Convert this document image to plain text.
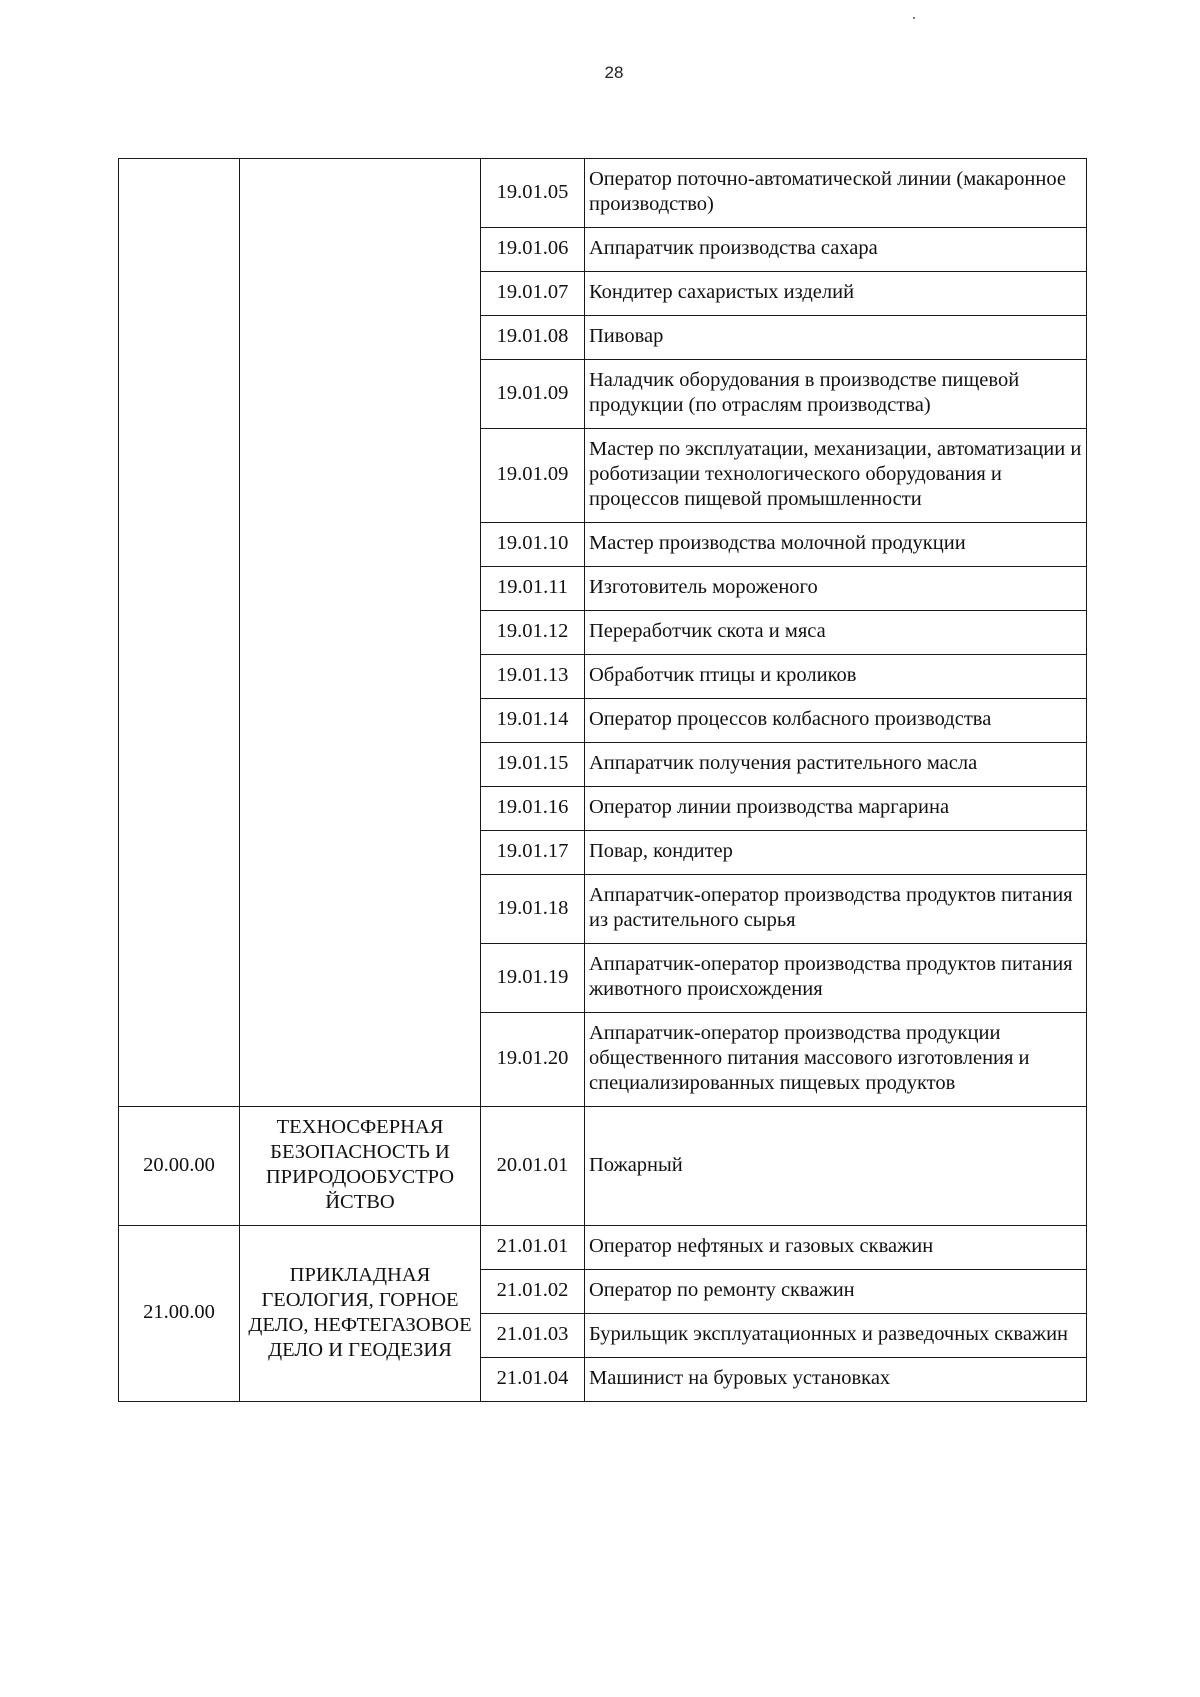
28
		19.01.05	Оператор поточно-автоматической линии (макаронное производство)
		19.01.06	Аппаратчик производства сахара
		19.01.07	Кондитер сахаристых изделий
		19.01.08	Пивовар
		19.01.09	Наладчик оборудования в производстве пищевой продукции (по отраслям производства)
		19.01.09	Мастер по эксплуатации, механизации, автоматизации и роботизации технологического оборудования и процессов пищевой промышленности
		19.01.10	Мастер производства молочной продукции
		19.01.11	Изготовитель мороженого
		19.01.12	Переработчик скота и мяса
		19.01.13	Обработчик птицы и кроликов
		19.01.14	Оператор процессов колбасного производства
		19.01.15	Аппаратчик получения растительного масла
		19.01.16	Оператор линии производства маргарина
		19.01.17	Повар, кондитер
		19.01.18	Аппаратчик-оператор производства продуктов питания из растительного сырья
		19.01.19	Аппаратчик-оператор производства продуктов питания животного происхождения
		19.01.20	Аппаратчик-оператор производства продукции общественного питания массового изготовления и специализированных пищевых продуктов
20.00.00	ТЕХНОСФЕРНАЯ БЕЗОПАСНОСТЬ И ПРИРОДООБУСТРО ЙСТВО	20.01.01	Пожарный
21.00.00	ПРИКЛАДНАЯ ГЕОЛОГИЯ, ГОРНОЕ ДЕЛО, НЕФТЕГАЗОВОЕ ДЕЛО И ГЕОДЕЗИЯ	21.01.01	Оператор нефтяных и газовых скважин
		21.01.02	Оператор по ремонту скважин
		21.01.03	Бурильщик эксплуатационных и разведочных скважин
		21.01.04	Машинист на буровых установках
